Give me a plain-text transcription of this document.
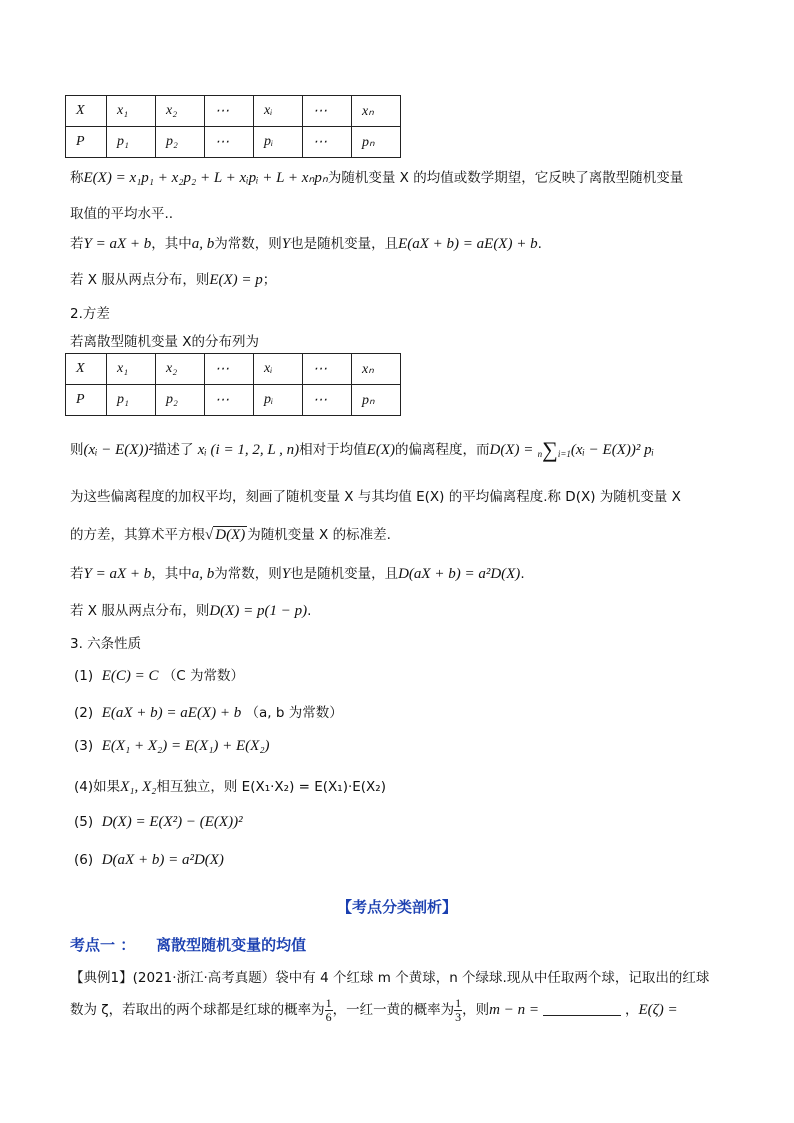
X	x₁	x₂	⋯	xᵢ	⋯	xₙ
P	p₁	p₂	⋯	pᵢ	⋯	pₙ
称E(X) = x₁p₁ + x₂p₂ + L + xᵢpᵢ + L + xₙpₙ为随机变量 X 的均值或数学期望，它反映了离散型随机变量
取值的平均水平..
若Y = aX + b，其中a, b为常数，则Y也是随机变量，且E(aX + b) = aE(X) + b.
若 X 服从两点分布，则E(X) = p；
2.方差
若离散型随机变量 X的分布列为
X	x₁	x₂	⋯	xᵢ	⋯	xₙ
P	p₁	p₂	⋯	pᵢ	⋯	pₙ
则(xᵢ − E(X))²描述了 xᵢ (i = 1, 2, L , n)相对于均值E(X)的偏离程度，而D(X) = n∑i=1(xᵢ − E(X))² pᵢ
为这些偏离程度的加权平均，刻画了随机变量 X 与其均值 E(X) 的平均偏离程度.称 D(X) 为随机变量 X
的方差，其算术平方根√ D(X) 为随机变量 X 的标准差.
若Y = aX + b，其中a, b为常数，则Y也是随机变量，且D(aX + b) = a²D(X).
若 X 服从两点分布，则D(X) = p(1 − p).
3. 六条性质
(1) E(C) = C （C 为常数）
(2) E(aX + b) = aE(X) + b （a, b 为常数）
(3) E(X₁ + X₂) = E(X₁) + E(X₂)
(4)如果X₁, X₂相互独立，则 E(X₁·X₂) = E(X₁)·E(X₂)
(5) D(X) = E(X²) − (E(X))²
(6) D(aX + b) = a²D(X)
【考点分类剖析】
考点一 ： 离散型随机变量的均值
【典例1】(2021·浙江·高考真题）袋中有 4 个红球 m 个黄球，n 个绿球.现从中任取两个球，记取出的红球
数为 ζ，若取出的两个球都是红球的概率为 $\frac{1}{6}$ ，一红一黄的概率为 $\frac{1}{3}$ ，则m − n =	，E(ζ) =
